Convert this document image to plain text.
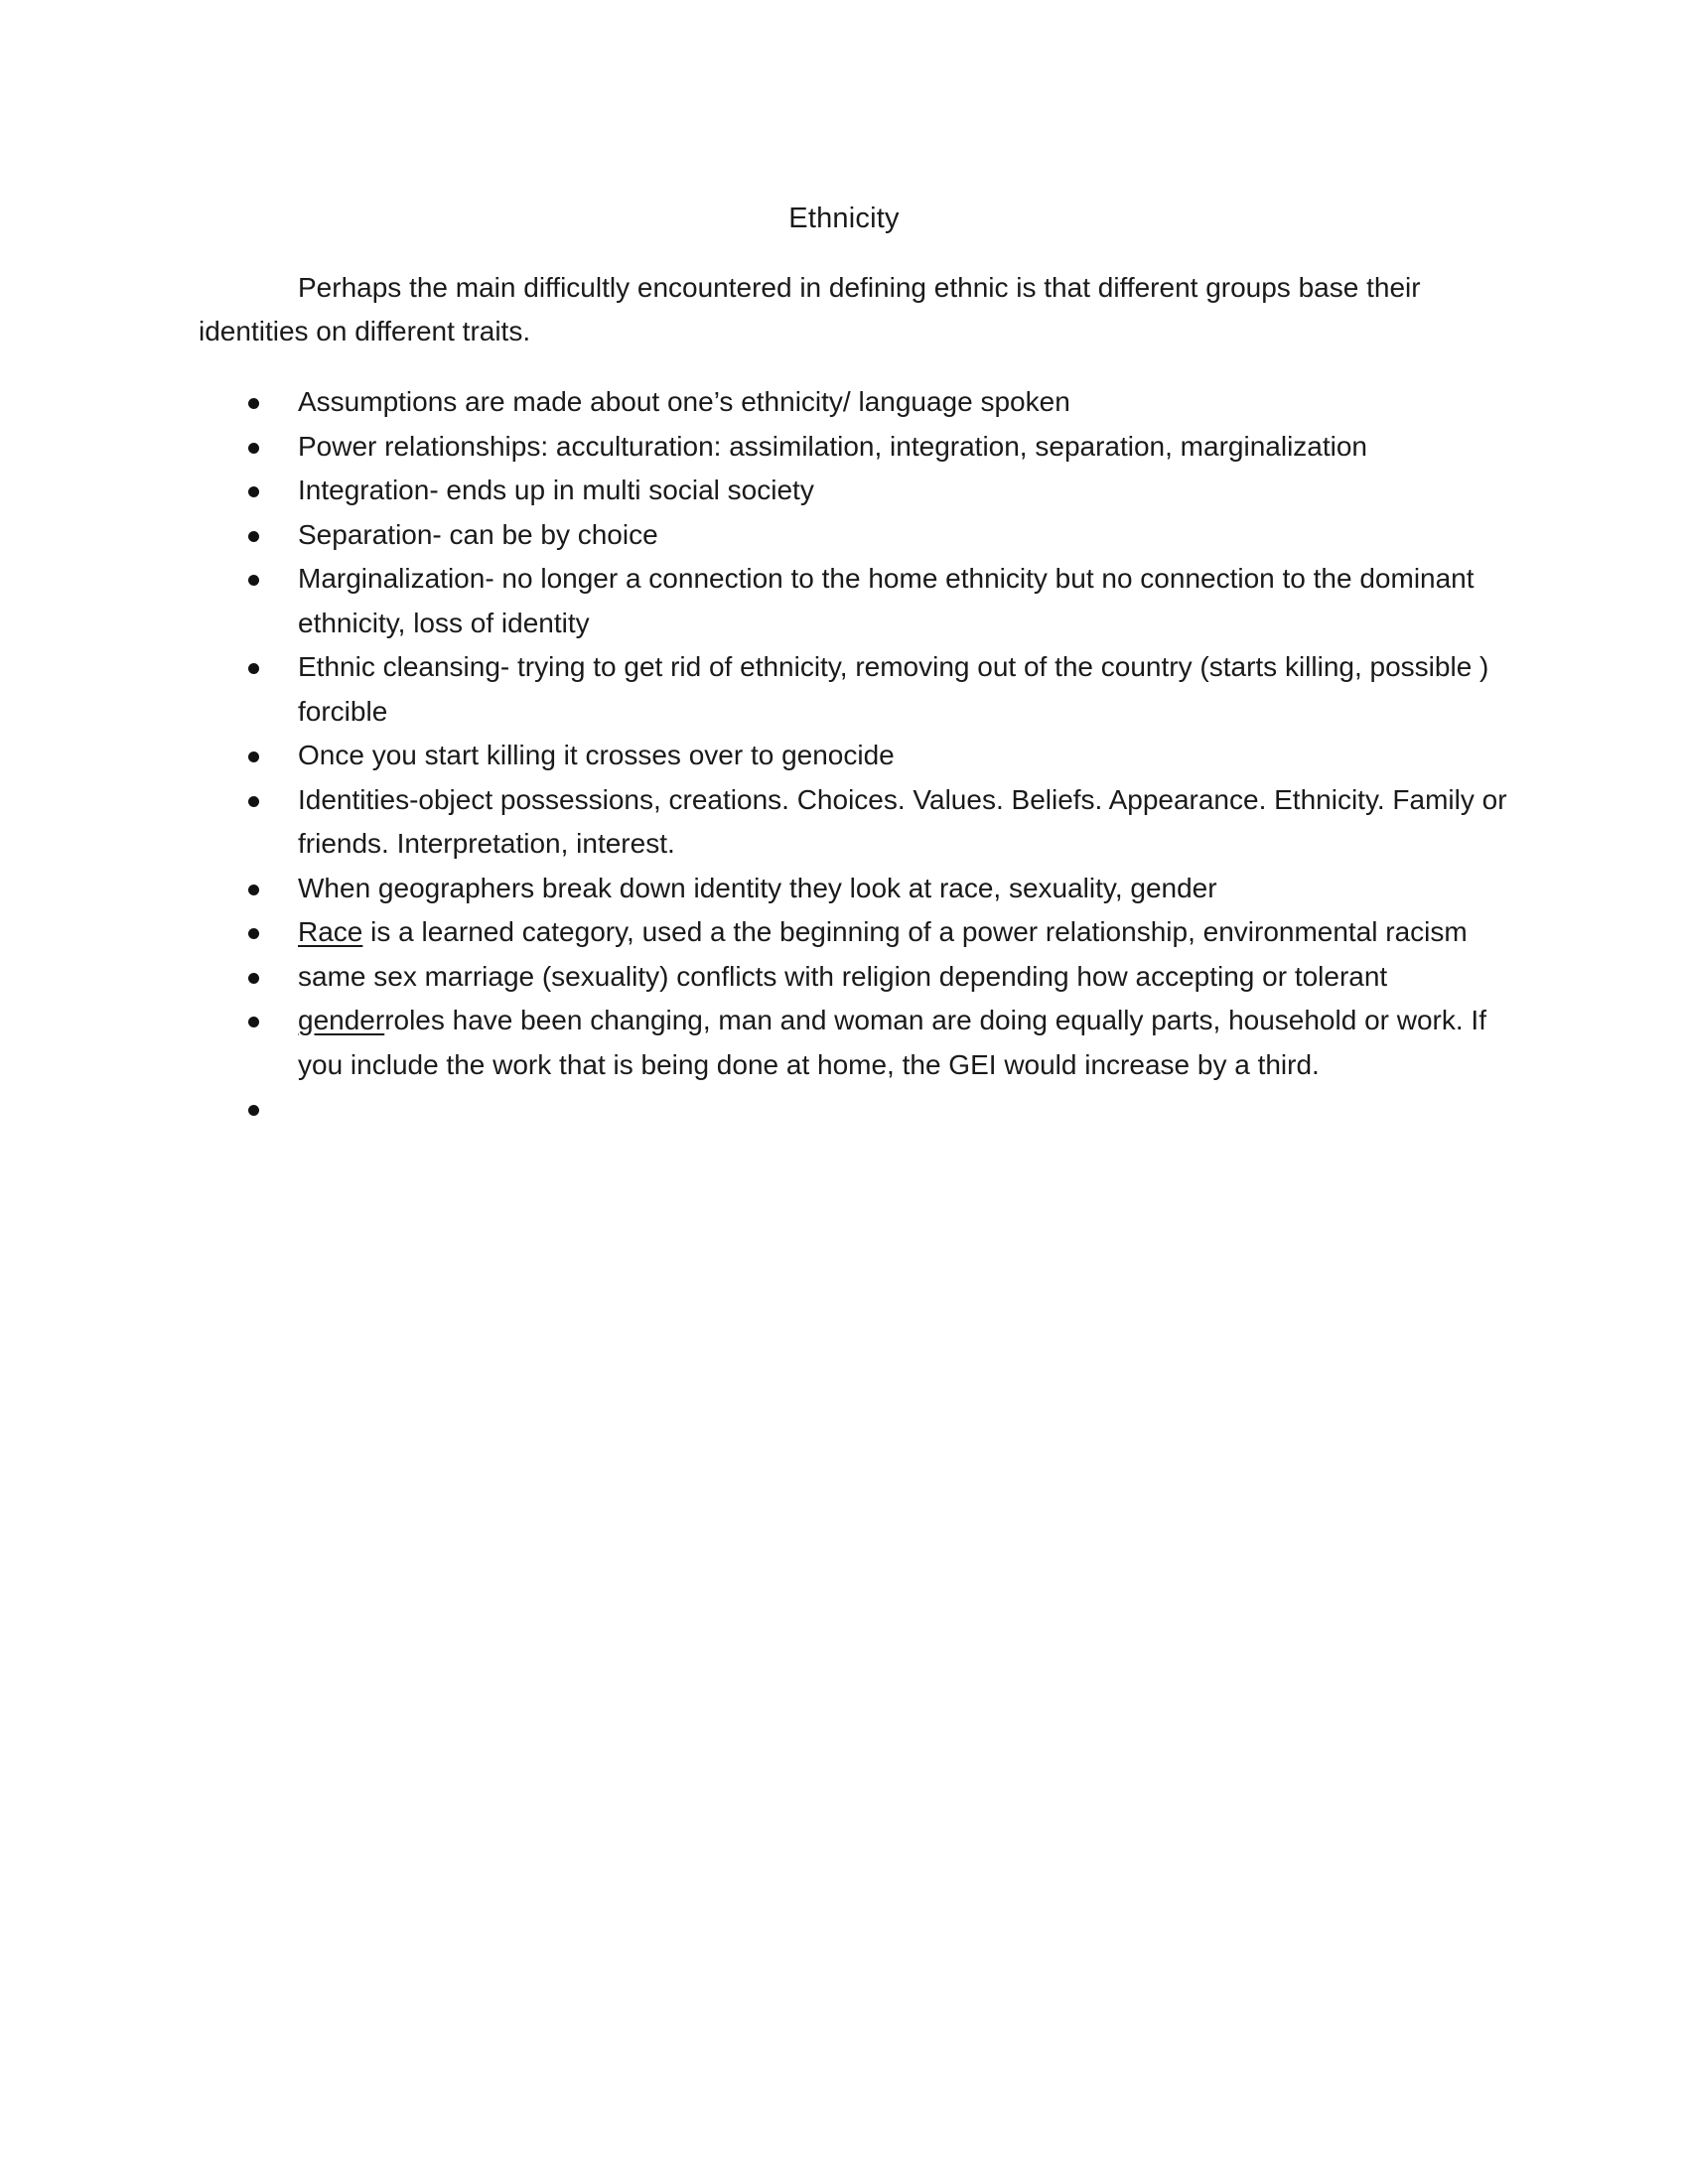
Ethnicity

Perhaps the main difficultly encountered in defining ethnic is that different groups base their identities on different traits.

Assumptions are made about one’s ethnicity/ language spoken
Power relationships: acculturation: assimilation, integration, separation, marginalization
Integration- ends up in multi social society
Separation- can be by choice
Marginalization- no longer a connection to the home ethnicity but no connection to the dominant ethnicity, loss of identity
Ethnic cleansing- trying to get rid of ethnicity, removing out of the country (starts killing, possible ) forcible
Once you start killing it crosses over to genocide
Identities-object possessions, creations. Choices. Values. Beliefs. Appearance. Ethnicity. Family or friends. Interpretation, interest.
When geographers break down identity they look at race, sexuality, gender
Race is a learned category, used a the beginning of a power relationship, environmental racism
same sex marriage (sexuality) conflicts with religion depending how accepting or tolerant
genderroles have been changing, man and woman are doing equally parts, household or work. If you include the work that is being done at home, the GEI would increase by a third.
